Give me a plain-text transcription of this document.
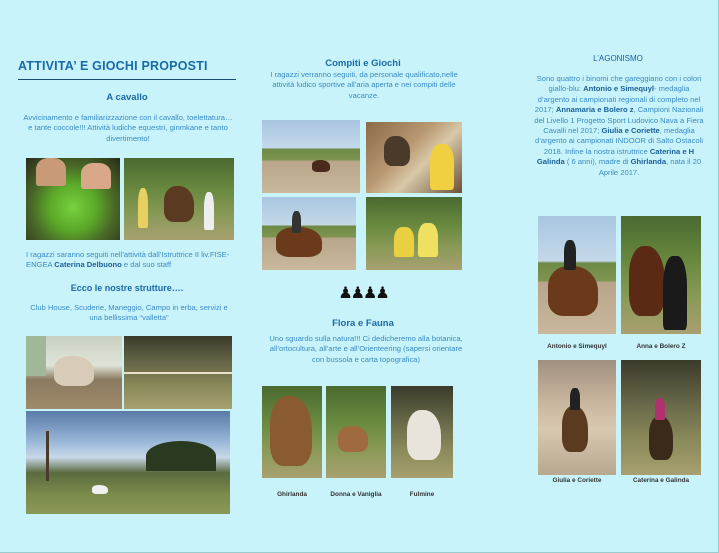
ATTIVITA’ E GIOCHI PROPOSTI
A cavallo
Avvicinamento e familiarizzazione con il cavallo, toelettatura…e tante coccole!!! Attività ludiche equestri, ginmkane e tanto divertimento!
I ragazzi saranno seguiti nell’attività dall’Istruttrice II liv.FISE-ENGEA Caterina Delbuono e dal suo staff
Ecco le nostre strutture….
Club House, Scuderie, Maneggio, Campo in erba, servizi e una bellissima “valletta”
Compiti e Giochi
I ragazzi verranno seguiti, da personale qualificato,nelle attività ludico sportive all’aria aperta e nei compiti delle vacanze.
♟♟♟♟
Flora e Fauna
Uno sguardo sulla natura!!! Ci dedicheremo alla botanica, all’ortocultura, all’arte e all’Orienteering (sapersi orientare con bussola e carta topografica)
Ghirlanda	Donna e Vaniglia	Fulmine
L’AGONISMO
Sono quattro i binomi che gareggiano con i colori giallo-blu: Antonio e Simequyl- medaglia d’argento ai campionati regionali di completo nel 2017; Annamaria e Bolero z, Campioni Nazionali del Livello 1 Progetto Sport Ludovico Nava a Fiera Cavalli nel 2017; Giulia e Coriette, medaglia d’argento ai campionati INDOOR di Salto Ostacoli 2018. Infine la nostra istruttrice Caterina e H Galinda ( 6 anni), madre di Ghirlanda, nata il 20 Aprile 2017.
Antonio e Simequyl	Anna e Bolero Z
Giulia e Coriette	Caterina e Galinda
